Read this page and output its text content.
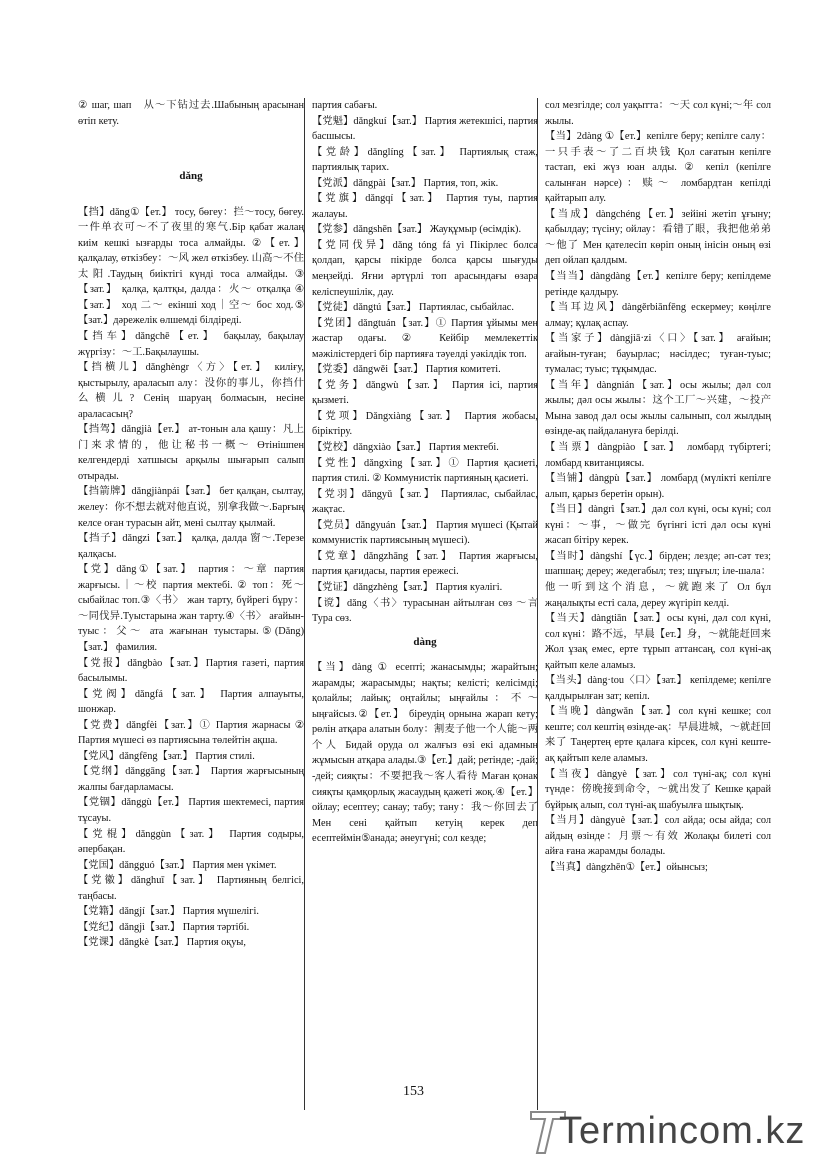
② шаг, шап　从～下钻过去.Шабының арасынан өтіп кету.
dǎng
【挡】dǎng①【ет.】 тосу, бөгеу：拦～тосу, бөгеу. 一件单衣可～不了夜里的寒气.Бір қабат жалаң киім кешкі ызғарды тоса алмайды. ②【ет.】 қалқалау, өткізбеу：～风 жел өткізбеу. 山高～不住太阳.Таудың биіктігі күнді тоса алмайды. ③【зат.】 қалқа, қалтқы, далда：火～ отқалқа ④【зат.】 ход 二～ екінші ход｜空～ бос ход.⑤【зат.】дәрежелік өлшемді білдіреді.
【挡车】dǎngchē【ет.】 бақылау, бақылау жүргізу：～工.Бақылаушы.
【挡横儿】dǎnghèngr〈方〉【ет.】 киліғу, қыстырылу, араласып алу：没你的事儿，你挡什么横儿? Сенің шаруаң болмасын, несіне араласасың?
【挡驾】dǎngjià【ет.】 ат-тонын ала қашу：凡上门来求情的，他让秘书一概～ Өтінішпен келгендерді хатшысы арқылы шығарып салып отырады.
【挡箭牌】dǎngjiànpái【зат.】 бет қалқан, сылтау, желеу：你不想去就对他直说，别拿我做～.Барғың келсе оған турасын айт, мені сылтау қылмай.
【挡子】dǎngzi【зат.】 қалқа, далда 窗～.Терезе қалқасы.
【党】dǎng①【зат.】 партия：～章 партия жарғысы.｜～校 партия мектебі. ② топ：死～ сыбайлас топ.③〈书〉 жан тарту, бүйрегі бұру：～同伐异.Туыстарына жан тарту.④〈书〉 ағайын-туыс：父～ ата жағынан туыстары.⑤(Dǎng)【зат.】 фамилия.
【党报】dǎngbào【зат.】Партия газеті, партия басылымы.
【党阀】dǎngfá【зат.】 Партия алпауыты, шонжар.
【党费】dǎngfèi【зат.】① Партия жарнасы ② Партия мүшесі өз партиясына төлейтін ақша.
【党风】dǎngfēng【зат.】 Партия стилі.
【党纲】dǎnggāng【зат.】 Партия жарғысының жалпы бағдарламасы.
【党锢】dǎnggù【ет.】 Партия шектемесі, партия тұсауы.
【党棍】dǎnggùn【зат.】 Партия содыры, әпербақан.
【党国】dǎngguó【зат.】 Партия мен үкімет.
【党徽】dǎnghuī【зат.】 Партияның белгісі, таңбасы.
【党籍】dǎngjí【зат.】 Партия мүшелігі.
【党纪】dǎngjì【зат.】 Партия тәртібі.
【党课】dǎngkè【зат.】 Партия оқуы,
партия сабағы.
【党魁】dǎngkuí【зат.】 Партия жетекшісі, партия басшысы.
【党龄】dǎnglíng【зат.】 Партиялық стаж, партиялық тарих.
【党派】dǎngpài【зат.】 Партия, топ, жік.
【党旗】dǎngqí【зат.】 Партия туы, партия жалауы.
【党参】dǎngshēn【зат.】 Жауқұмыр (өсімдік).
【党同伐异】dǎng tóng fá yì Пікірлес болса қолдап, қарсы пікірде болса қарсы шығуды меңзейді. Яғни әртүрлі топ арасындағы өзара келіспеушілік, дау.
【党徒】dǎngtú【зат.】 Партиялас, сыбайлас.
【党团】dǎngtuán【зат.】① Партия ұйымы мен жастар одағы. ② Кейбір мемлекеттік мәжілістердегі бір партияға тәуелді уәкілдік топ.
【党委】dǎngwěi【зат.】 Партия комитеті.
【党务】dǎngwù【зат.】 Партия ісі, партия қызметі.
【党项】Dǎngxiàng【зат.】 Партия жобасы, біріктіру.
【党校】dǎngxiào【зат.】 Партия мектебі.
【党性】dǎngxìng【зат.】① Партия қасиеті, партия стилі. ② Коммунистік партияның қасиеті.
【党羽】dǎngyǔ【зат.】 Партиялас, сыбайлас, жақтас.
【党员】dǎngyuán【зат.】 Партия мүшесі (Қытай коммунистік партиясының мүшесі).
【党章】dǎngzhāng【зат.】 Партия жарғысы, партия қағидасы, партия ережесі.
【党证】dǎngzhèng【зат.】 Партия куәлігі.
【谠】dǎng〈书〉турасынан айтылған сөз ～言 Тура сөз.
dàng
【当】dàng ① есепті; жанасымды; жарайтын; жарамды; жарасымды; нақты; келісті; келісімді; қолайлы; лайық; оңтайлы; ыңғайлы：不～ ыңғайсыз.②【ет.】 біреудің орнына жарап кету; рөлін атқара алатын болу：割麦子他一个人能～两个人 Бидай орудa ол жалғыз өзі екі адамның жұмысын атқара алады.③【ет.】дай; ретінде; -дай; -дей; сияқты：不要把我～客人看待 Маған қонақ сияқты қамқорлық жасаудың қажеті жоқ.④【ет.】ойлау; есептеу; санау; табу; тану：我～你回去了 Мен сені қайтып кетуің керек деп есептеймін⑤анада; әнеугүні; сол кезде;
сол мезгілде; сол уақытта：～天 сол күні;～年 сол жылы.
【当】2dàng ①【ет.】кепілге беру; кепілге салу：一只手表～了二百块钱 Қол сағатын кепілге тастап, екі жүз юан алды. ② кепіл (кепілге салынған нәрсе)：赎～ ломбардтан кепілді қайтарып алу.
【当成】dàngchéng【ет.】зейіні жетіп ұғыну; қабылдау; түсіну; ойлау：看错了眼，我把他弟弟～他了 Мен қателесіп көріп оның інісін оның өзі деп ойлап қалдым.
【当当】dàngdàng【ет.】кепілге беру; кепілдеме ретінде қалдыру.
【当耳边风】dàngěrbiānfēng ескермеу; көңілге алмау; құлақ аспау.
【当家子】dàngjiā·zi〈口〉【зат.】 ағайын; ағайын-туған; бауырлас; нәсілдес; туған-туыс; тумалас; туыс; тұқымдас.
【当年】dàngnián【зат.】осы жылы; дәл сол жылы; дәл осы жылы：这个工厂～兴建，～投产 Мына завод дәл осы жылы салынып, сол жылдың өзінде-ақ пайдалануға берілді.
【当票】dàngpiào【зат.】 ломбард түбіртегі; ломбард квитанциясы.
【当铺】dàngpù【зат.】 ломбард (мүлікті кепілге алып, қарыз беретін орын).
【当日】dàngrì【зат.】дәл сол күні, осы күні; сол күні：～事，～做完 бүгінгі істі дәл осы күні жасап бітіру керек.
【当时】dàngshí【үс.】бірден; лезде; әп-сәт тез; шапшаң; дереу; жедегабыл; тез; шұғыл; іле-шала：他一听到这个消息，～就跑来了 Ол бұл жаңалықты есті сала, дереу жүгіріп келді.
【当天】dàngtiān【зат.】осы күні, дәл сол күні, сол күні：路不远，早晨【ет.】身，～就能赶回来 Жол ұзақ емес, ерте тұрып аттансаң, сол күні-ақ қайтып келе аламыз.
【当头】dàng·tou〈口〉【зат.】 кепілдеме; кепілге қалдырылған зат; кепіл.
【当晚】dàngwǎn【зат.】сол күні кешке; сол кеште; сол кештің өзінде-ақ：早晨进城，～就赶回来了 Таңертең ерте қалаға кірсек, сол күні кеште-ақ қайтып келе аламыз.
【当夜】dàngyè【зат.】сол түні-ақ; сол күні түнде：傍晚接到命令，～就出发了 Кешке қарай бұйрық алып, сол түні-ақ шабуылға шықтық.
【当月】dàngyuè【зат.】сол айда; осы айда; сол айдың өзінде：月票～有效 Жолақы билеті сол айға ғана жарамды болады.
【当真】dàngzhēn①【ет.】ойынсыз;
153
Termincom.kz
